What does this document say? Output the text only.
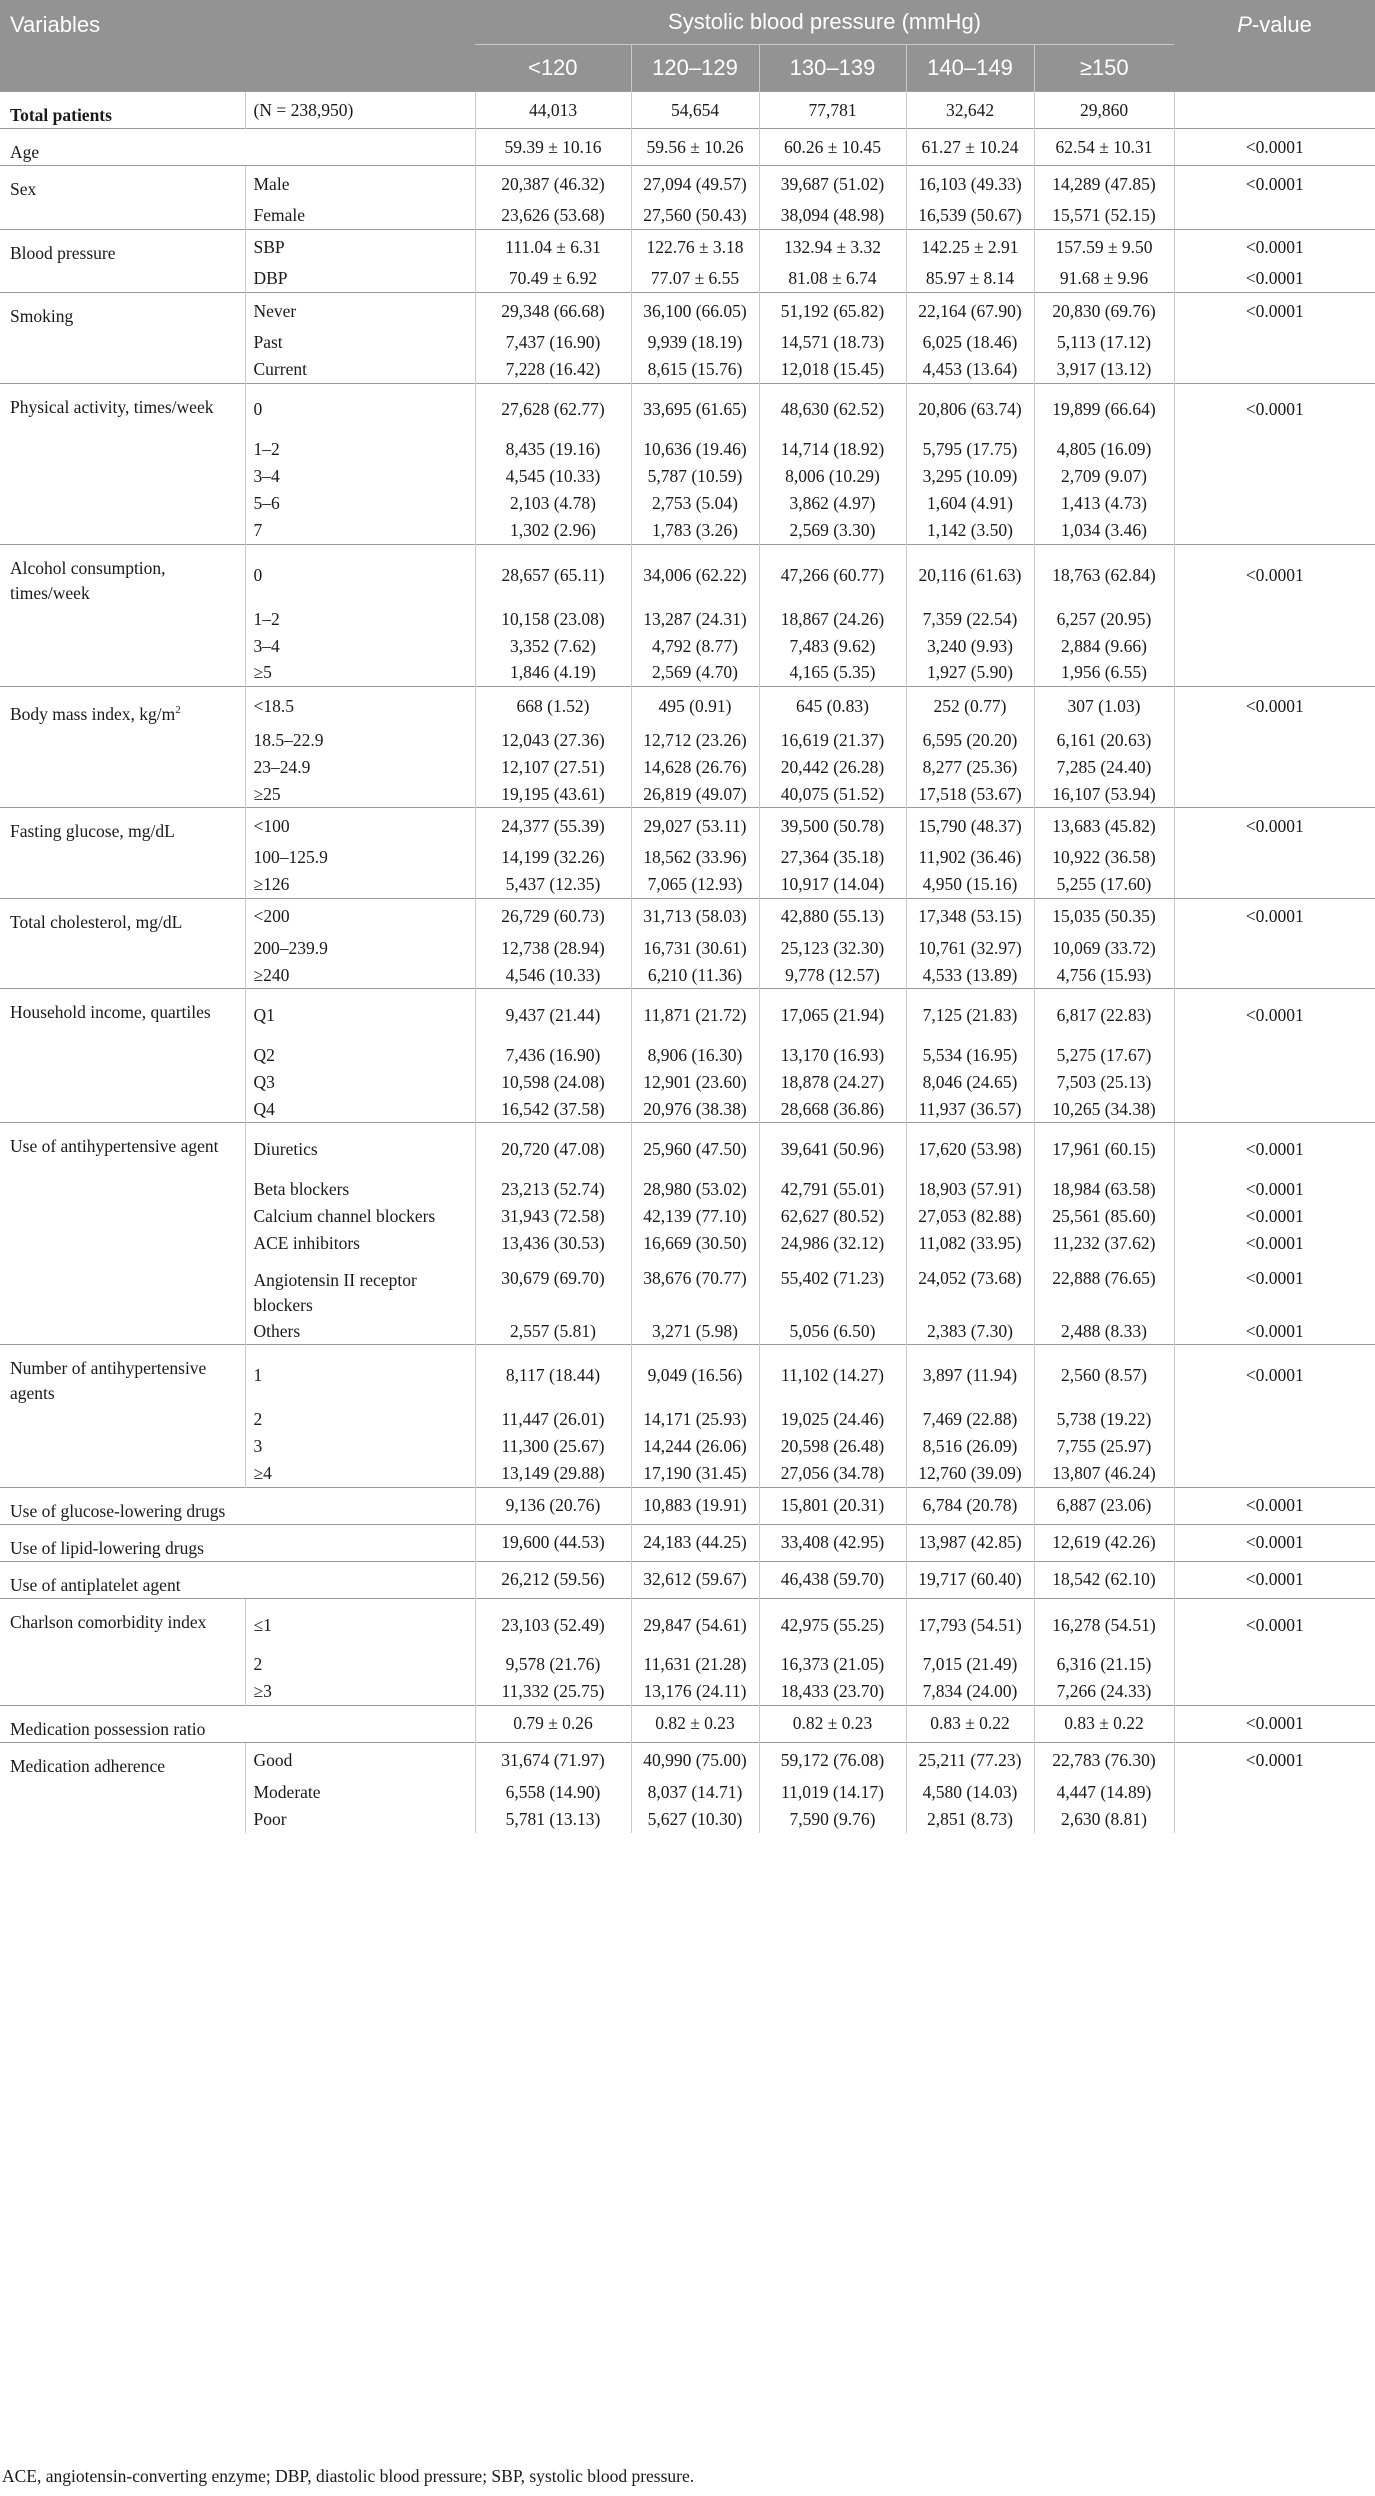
Variables		Systolic blood pressure (mmHg)					P-value
		<120	120–129	130–139	140–149	≥150	
Total patients	(N = 238,950)	44,013	54,654	77,781	32,642	29,860	
Age		59.39 ± 10.16	59.56 ± 10.26	60.26 ± 10.45	61.27 ± 10.24	62.54 ± 10.31	<0.0001
Sex	Male	20,387 (46.32)	27,094 (49.57)	39,687 (51.02)	16,103 (49.33)	14,289 (47.85)	<0.0001
	Female	23,626 (53.68)	27,560 (50.43)	38,094 (48.98)	16,539 (50.67)	15,571 (52.15)	
Blood pressure	SBP	111.04 ± 6.31	122.76 ± 3.18	132.94 ± 3.32	142.25 ± 2.91	157.59 ± 9.50	<0.0001
	DBP	70.49 ± 6.92	77.07 ± 6.55	81.08 ± 6.74	85.97 ± 8.14	91.68 ± 9.96	<0.0001
Smoking	Never	29,348 (66.68)	36,100 (66.05)	51,192 (65.82)	22,164 (67.90)	20,830 (69.76)	<0.0001
	Past	7,437 (16.90)	9,939 (18.19)	14,571 (18.73)	6,025 (18.46)	5,113 (17.12)	
	Current	7,228 (16.42)	8,615 (15.76)	12,018 (15.45)	4,453 (13.64)	3,917 (13.12)	
Physical activity, times/week	0	27,628 (62.77)	33,695 (61.65)	48,630 (62.52)	20,806 (63.74)	19,899 (66.64)	<0.0001
	1–2	8,435 (19.16)	10,636 (19.46)	14,714 (18.92)	5,795 (17.75)	4,805 (16.09)	
	3–4	4,545 (10.33)	5,787 (10.59)	8,006 (10.29)	3,295 (10.09)	2,709 (9.07)	
	5–6	2,103 (4.78)	2,753 (5.04)	3,862 (4.97)	1,604 (4.91)	1,413 (4.73)	
	7	1,302 (2.96)	1,783 (3.26)	2,569 (3.30)	1,142 (3.50)	1,034 (3.46)	
Alcohol consumption, times/week	0	28,657 (65.11)	34,006 (62.22)	47,266 (60.77)	20,116 (61.63)	18,763 (62.84)	<0.0001
	1–2	10,158 (23.08)	13,287 (24.31)	18,867 (24.26)	7,359 (22.54)	6,257 (20.95)	
	3–4	3,352 (7.62)	4,792 (8.77)	7,483 (9.62)	3,240 (9.93)	2,884 (9.66)	
	≥5	1,846 (4.19)	2,569 (4.70)	4,165 (5.35)	1,927 (5.90)	1,956 (6.55)	
Body mass index, $kg/m^2$	<18.5	668 (1.52)	495 (0.91)	645 (0.83)	252 (0.77)	307 (1.03)	<0.0001
	18.5–22.9	12,043 (27.36)	12,712 (23.26)	16,619 (21.37)	6,595 (20.20)	6,161 (20.63)	
	23–24.9	12,107 (27.51)	14,628 (26.76)	20,442 (26.28)	8,277 (25.36)	7,285 (24.40)	
	≥25	19,195 (43.61)	26,819 (49.07)	40,075 (51.52)	17,518 (53.67)	16,107 (53.94)	
Fasting glucose, mg/dL	<100	24,377 (55.39)	29,027 (53.11)	39,500 (50.78)	15,790 (48.37)	13,683 (45.82)	<0.0001
	100–125.9	14,199 (32.26)	18,562 (33.96)	27,364 (35.18)	11,902 (36.46)	10,922 (36.58)	
	≥126	5,437 (12.35)	7,065 (12.93)	10,917 (14.04)	4,950 (15.16)	5,255 (17.60)	
Total cholesterol, mg/dL	<200	26,729 (60.73)	31,713 (58.03)	42,880 (55.13)	17,348 (53.15)	15,035 (50.35)	<0.0001
	200–239.9	12,738 (28.94)	16,731 (30.61)	25,123 (32.30)	10,761 (32.97)	10,069 (33.72)	
	≥240	4,546 (10.33)	6,210 (11.36)	9,778 (12.57)	4,533 (13.89)	4,756 (15.93)	
Household income, quartiles	Q1	9,437 (21.44)	11,871 (21.72)	17,065 (21.94)	7,125 (21.83)	6,817 (22.83)	<0.0001
	Q2	7,436 (16.90)	8,906 (16.30)	13,170 (16.93)	5,534 (16.95)	5,275 (17.67)	
	Q3	10,598 (24.08)	12,901 (23.60)	18,878 (24.27)	8,046 (24.65)	7,503 (25.13)	
	Q4	16,542 (37.58)	20,976 (38.38)	28,668 (36.86)	11,937 (36.57)	10,265 (34.38)	
Use of antihypertensive agent	Diuretics	20,720 (47.08)	25,960 (47.50)	39,641 (50.96)	17,620 (53.98)	17,961 (60.15)	<0.0001
	Beta blockers	23,213 (52.74)	28,980 (53.02)	42,791 (55.01)	18,903 (57.91)	18,984 (63.58)	<0.0001
	Calcium channel blockers	31,943 (72.58)	42,139 (77.10)	62,627 (80.52)	27,053 (82.88)	25,561 (85.60)	<0.0001
	ACE inhibitors	13,436 (30.53)	16,669 (30.50)	24,986 (32.12)	11,082 (33.95)	11,232 (37.62)	<0.0001
	Angiotensin II receptor blockers	30,679 (69.70)	38,676 (70.77)	55,402 (71.23)	24,052 (73.68)	22,888 (76.65)	<0.0001
	Others	2,557 (5.81)	3,271 (5.98)	5,056 (6.50)	2,383 (7.30)	2,488 (8.33)	<0.0001
Number of antihypertensive agents	1	8,117 (18.44)	9,049 (16.56)	11,102 (14.27)	3,897 (11.94)	2,560 (8.57)	<0.0001
	2	11,447 (26.01)	14,171 (25.93)	19,025 (24.46)	7,469 (22.88)	5,738 (19.22)	
	3	11,300 (25.67)	14,244 (26.06)	20,598 (26.48)	8,516 (26.09)	7,755 (25.97)	
	≥4	13,149 (29.88)	17,190 (31.45)	27,056 (34.78)	12,760 (39.09)	13,807 (46.24)	
Use of glucose-lowering drugs		9,136 (20.76)	10,883 (19.91)	15,801 (20.31)	6,784 (20.78)	6,887 (23.06)	<0.0001
Use of lipid-lowering drugs		19,600 (44.53)	24,183 (44.25)	33,408 (42.95)	13,987 (42.85)	12,619 (42.26)	<0.0001
Use of antiplatelet agent		26,212 (59.56)	32,612 (59.67)	46,438 (59.70)	19,717 (60.40)	18,542 (62.10)	<0.0001
Charlson comorbidity index	≤1	23,103 (52.49)	29,847 (54.61)	42,975 (55.25)	17,793 (54.51)	16,278 (54.51)	<0.0001
	2	9,578 (21.76)	11,631 (21.28)	16,373 (21.05)	7,015 (21.49)	6,316 (21.15)	
	≥3	11,332 (25.75)	13,176 (24.11)	18,433 (23.70)	7,834 (24.00)	7,266 (24.33)	
Medication possession ratio		0.79 ± 0.26	0.82 ± 0.23	0.82 ± 0.23	0.83 ± 0.22	0.83 ± 0.22	<0.0001
Medication adherence	Good	31,674 (71.97)	40,990 (75.00)	59,172 (76.08)	25,211 (77.23)	22,783 (76.30)	<0.0001
	Moderate	6,558 (14.90)	8,037 (14.71)	11,019 (14.17)	4,580 (14.03)	4,447 (14.89)	
	Poor	5,781 (13.13)	5,627 (10.30)	7,590 (9.76)	2,851 (8.73)	2,630 (8.81)	
ACE, angiotensin-converting enzyme; DBP, diastolic blood pressure; SBP, systolic blood pressure.
